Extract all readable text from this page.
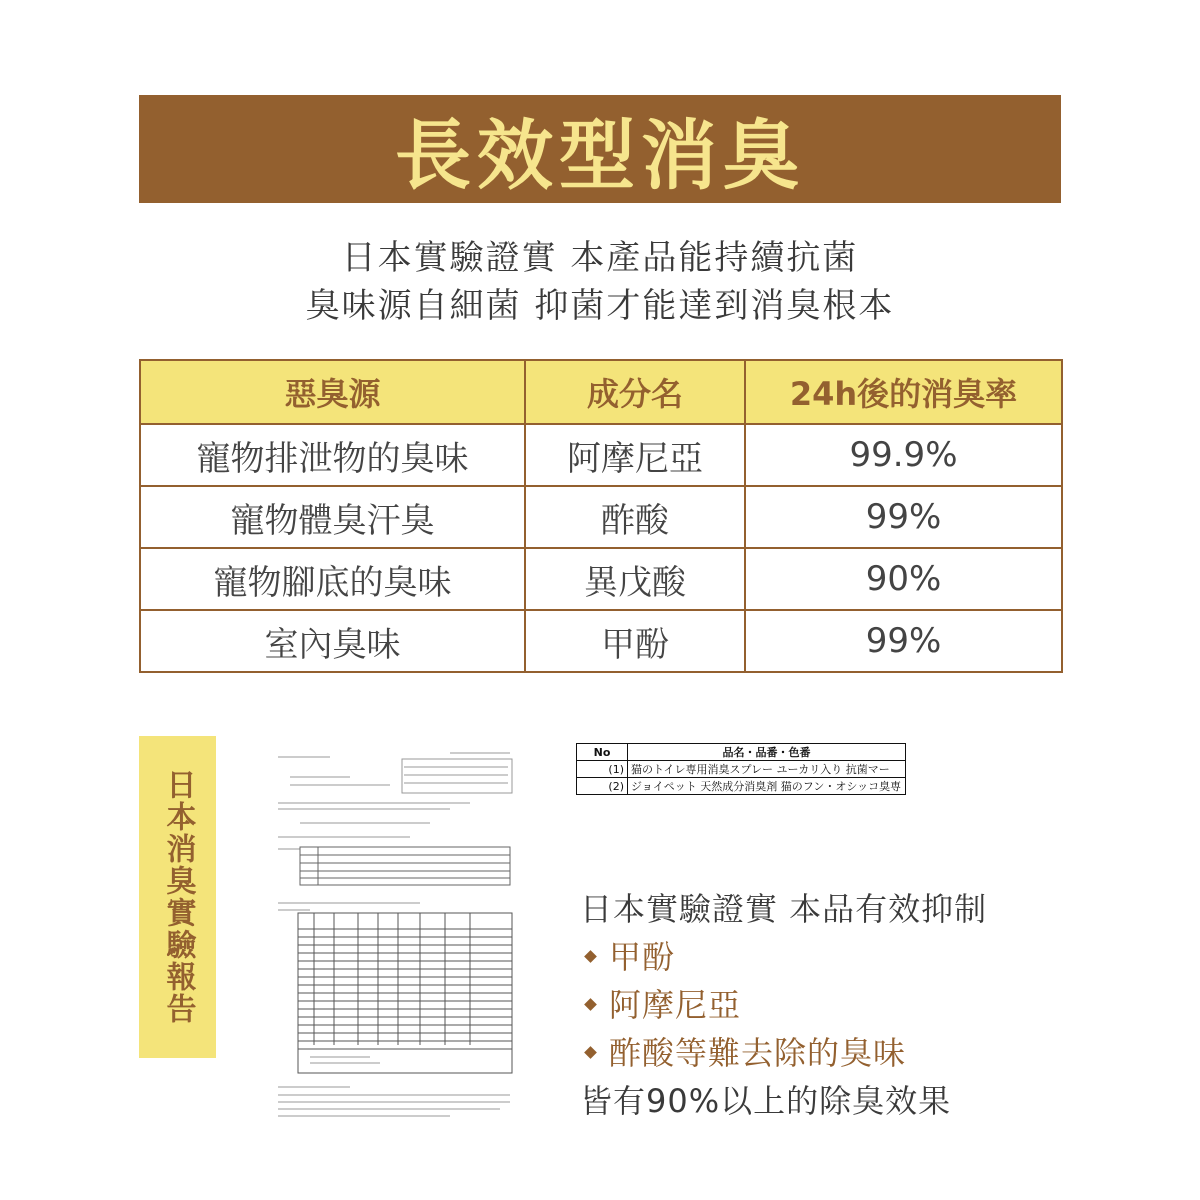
長效型消臭
日本實驗證實 本產品能持續抗菌
臭味源自細菌 抑菌才能達到消臭根本
惡臭源	成分名	24h後的消臭率
寵物排泄物的臭味	阿摩尼亞	99.9%
寵物體臭汗臭	酢酸	99%
寵物腳底的臭味	異戊酸	90%
室內臭味	甲酚	99%
日本消臭實驗報告
No	品名・品番・色番
(1)	猫のトイレ専用消臭スプレー ユーカリ入り 抗菌マー
(2)	ジョイペット 天然成分消臭剤 猫のフン・オシッコ臭専
日本實驗證實 本品有效抑制
甲酚
阿摩尼亞
酢酸等難去除的臭味
皆有90%以上的除臭效果
